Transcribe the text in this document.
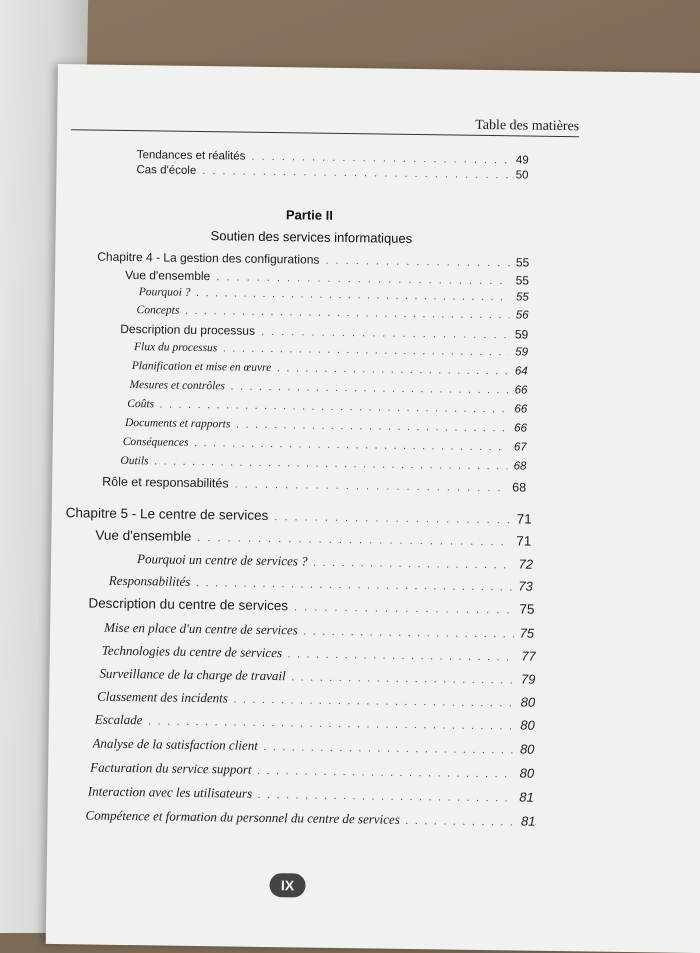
Table des matières
Tendances et réalités . . .	49
Cas d'école . . .	50
Partie II
Soutien des services informatiques
Chapitre 4 - La gestion des configurations . . .	55
Vue d'ensemble . . .	55
Pourquoi ? . . .	55
Concepts . . .	56
Description du processus . . .	59
Flux du processus . . .	59
Planification et mise en œuvre . . .	64
Mesures et contrôles . . .	66
Coûts . . .	66
Documents et rapports . . .	66
Conséquences . . .	67
Outils . . .	68
Rôle et responsabilités . . .	68
Chapitre 5 - Le centre de services . . .	71
Vue d'ensemble . . .	71
Pourquoi un centre de services ? . . .	72
Responsabilités . . .	73
Description du centre de services . . .	75
Mise en place d'un centre de services . . .	75
Technologies du centre de services . . .	77
Surveillance de la charge de travail . . .	79
Classement des incidents . . .	80
Escalade . . .	80
Analyse de la satisfaction client . . .	80
Facturation du service support . . .	80
Interaction avec les utilisateurs . . .	81
Compétence et formation du personnel du centre de services . . .	81
IX
